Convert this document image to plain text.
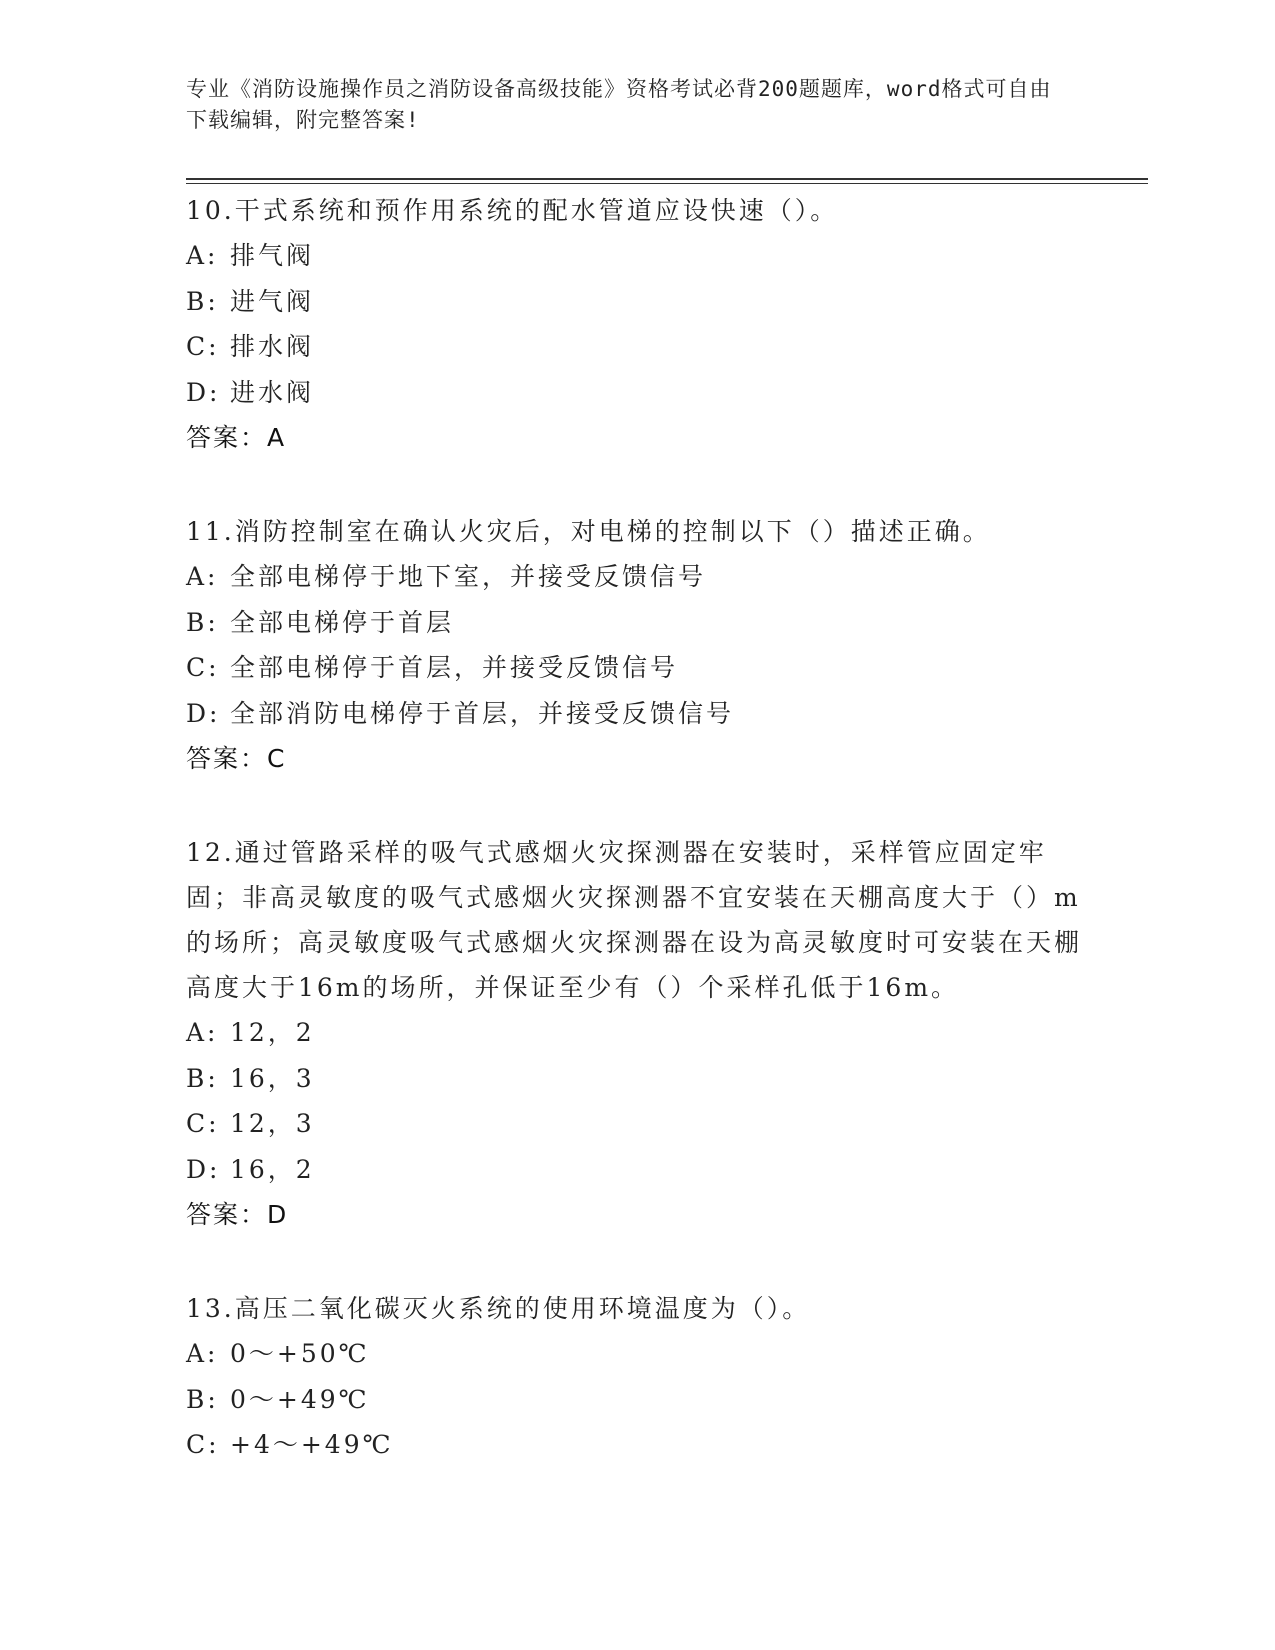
专业《消防设施操作员之消防设备高级技能》资格考试必背200题题库，word格式可自由下载编辑，附完整答案!

10.干式系统和预作用系统的配水管道应设快速（）。

A: 排气阀

B: 进气阀

C: 排水阀

D: 进水阀

答案：A

11.消防控制室在确认火灾后，对电梯的控制以下（）描述正确。

A: 全部电梯停于地下室，并接受反馈信号

B: 全部电梯停于首层

C: 全部电梯停于首层，并接受反馈信号

D: 全部消防电梯停于首层，并接受反馈信号

答案：C

12.通过管路采样的吸气式感烟火灾探测器在安装时，采样管应固定牢固；非高灵敏度的吸气式感烟火灾探测器不宜安装在天棚高度大于（）m的场所；高灵敏度吸气式感烟火灾探测器在设为高灵敏度时可安装在天棚高度大于16m的场所，并保证至少有（）个采样孔低于16m。

A: 12，2

B: 16，3

C: 12，3

D: 16，2

答案：D

13.高压二氧化碳灭火系统的使用环境温度为（）。

A: 0～+50℃

B: 0～+49℃

C: +4～+49℃
